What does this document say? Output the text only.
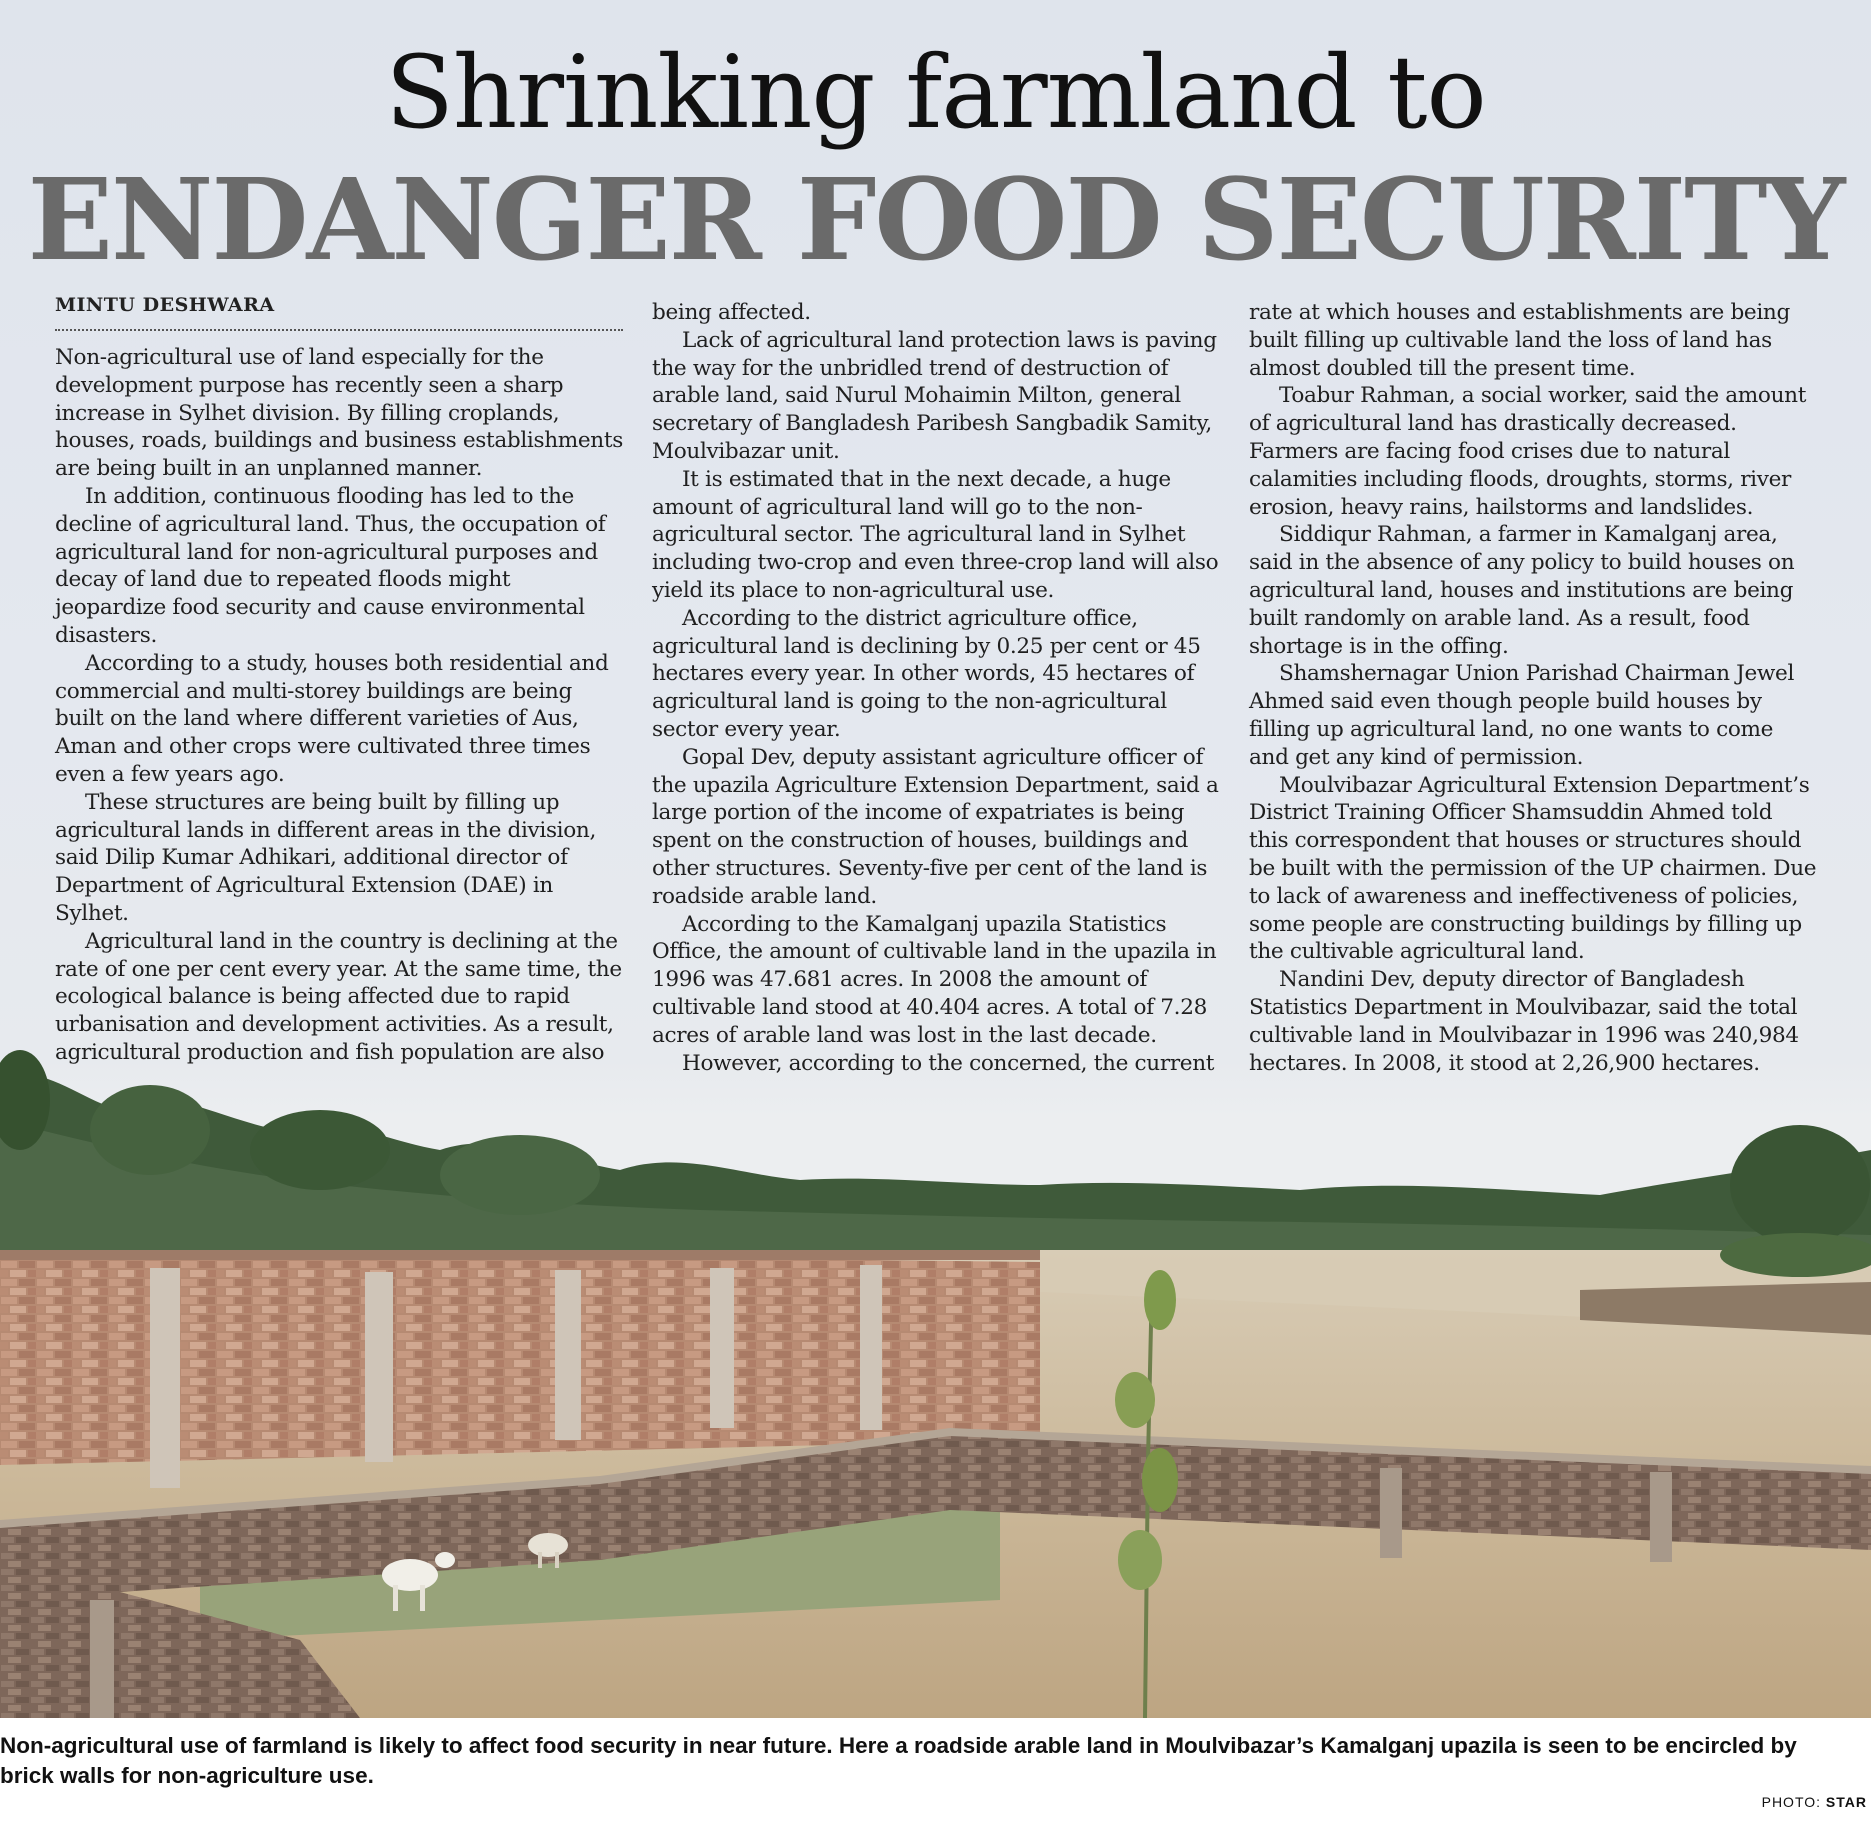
Shrinking farmland to
ENDANGER FOOD SECURITY
MINTU DESHWARA

Non-agricultural use of land especially for the development purpose has recently seen a sharp increase in Sylhet division. By filling croplands, houses, roads, buildings and business establishments are being built in an unplanned manner.

In addition, continuous flooding has led to the decline of agricultural land. Thus, the occupation of agricultural land for non-agricultural purposes and decay of land due to repeated floods might jeopardize food security and cause environmental disasters.

According to a study, houses both residential and commercial and multi-storey buildings are being built on the land where different varieties of Aus, Aman and other crops were cultivated three times even a few years ago.

These structures are being built by filling up agricultural lands in different areas in the division, said Dilip Kumar Adhikari, additional director of Department of Agricultural Extension (DAE) in Sylhet.

Agricultural land in the country is declining at the rate of one per cent every year. At the same time, the ecological balance is being affected due to rapid urbanisation and development activities. As a result, agricultural production and fish population are also

being affected.

Lack of agricultural land protection laws is paving the way for the unbridled trend of destruction of arable land, said Nurul Mohaimin Milton, general secretary of Bangladesh Paribesh Sangbadik Samity, Moulvibazar unit.

It is estimated that in the next decade, a huge amount of agricultural land will go to the non-agricultural sector. The agricultural land in Sylhet including two-crop and even three-crop land will also yield its place to non-agricultural use.

According to the district agriculture office, agricultural land is declining by 0.25 per cent or 45 hectares every year. In other words, 45 hectares of agricultural land is going to the non-agricultural sector every year.

Gopal Dev, deputy assistant agriculture officer of the upazila Agriculture Extension Department, said a large portion of the income of expatriates is being spent on the construction of houses, buildings and other structures. Seventy-five per cent of the land is roadside arable land.

According to the Kamalganj upazila Statistics Office, the amount of cultivable land in the upazila in 1996 was 47.681 acres. In 2008 the amount of cultivable land stood at 40.404 acres. A total of 7.28 acres of arable land was lost in the last decade.

However, according to the concerned, the current

rate at which houses and establishments are being built filling up cultivable land the loss of land has almost doubled till the present time.

Toabur Rahman, a social worker, said the amount of agricultural land has drastically decreased. Farmers are facing food crises due to natural calamities including floods, droughts, storms, river erosion, heavy rains, hailstorms and landslides.

Siddiqur Rahman, a farmer in Kamalganj area, said in the absence of any policy to build houses on agricultural land, houses and institutions are being built randomly on arable land. As a result, food shortage is in the offing.

Shamshernagar Union Parishad Chairman Jewel Ahmed said even though people build houses by filling up agricultural land, no one wants to come and get any kind of permission.

Moulvibazar Agricultural Extension Department’s District Training Officer Shamsuddin Ahmed told this correspondent that houses or structures should be built with the permission of the UP chairmen. Due to lack of awareness and ineffectiveness of policies, some people are constructing buildings by filling up the cultivable agricultural land.

Nandini Dev, deputy director of Bangladesh Statistics Department in Moulvibazar, said the total cultivable land in Moulvibazar in 1996 was 240,984 hectares. In 2008, it stood at 2,26,900 hectares.

Non-agricultural use of farmland is likely to affect food security in near future. Here a roadside arable land in Moulvibazar’s Kamalganj upazila is seen to be encircled by brick walls for non-agriculture use.
PHOTO: STAR
